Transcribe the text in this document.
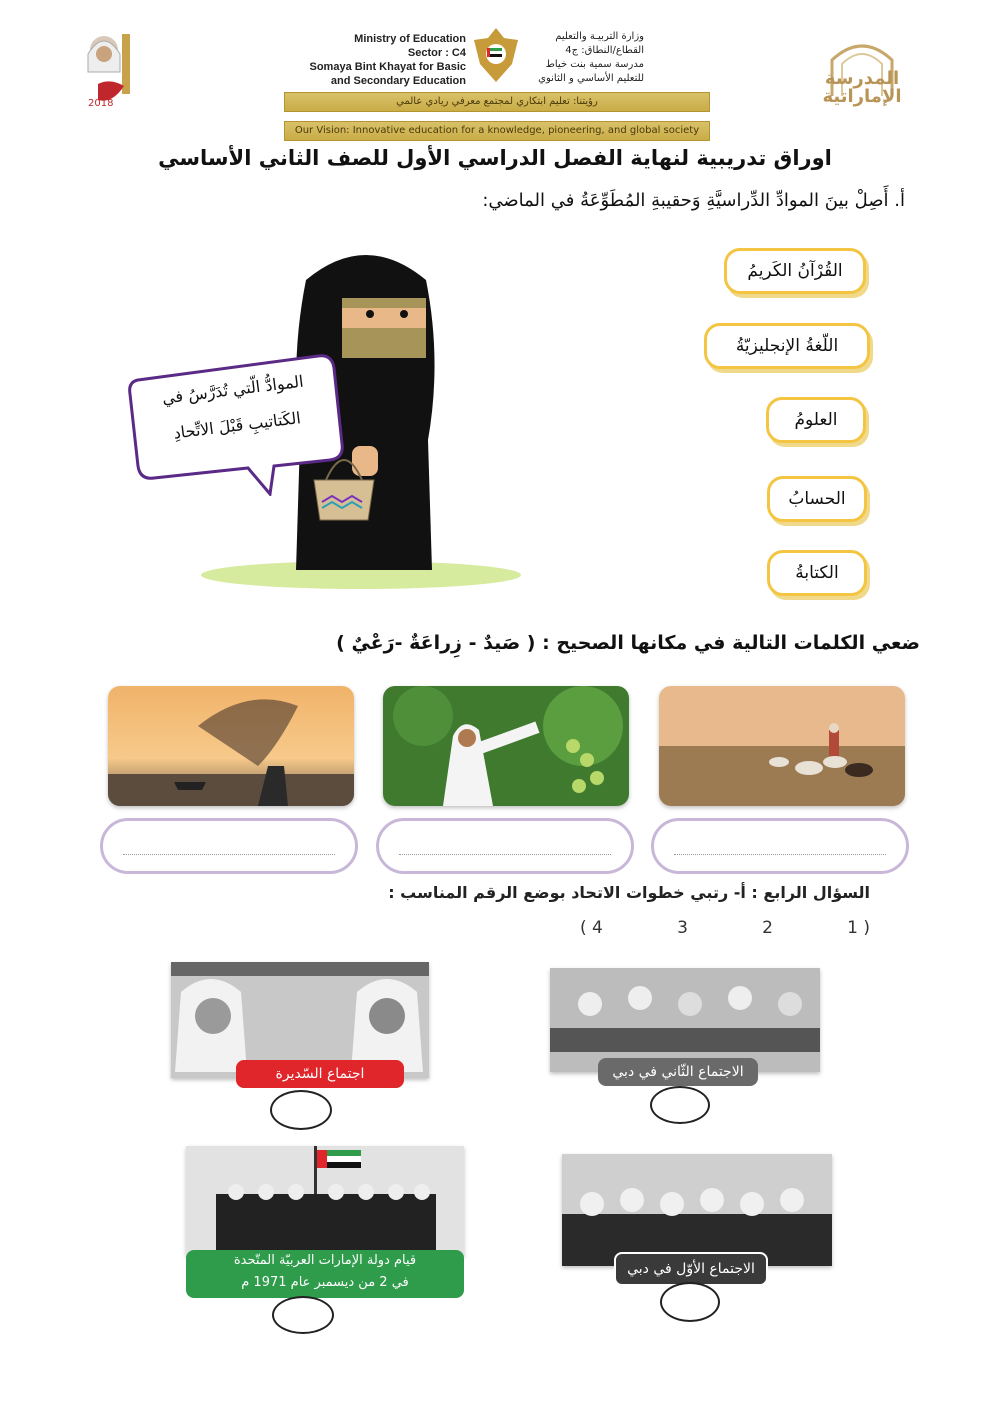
2018
Ministry of Education
Sector : C4
Somaya Bint Khayat for Basic
and Secondary Education
وزارة التربيـة والتعليم
القطاع/النطاق: ج4
مدرسة سمية بنت خياط
للتعليم الأساسي و الثانوي
رؤيتنا: تعليم ابتكاري لمجتمع معرفي ريادي عالمي
Our Vision: Innovative education for a knowledge, pioneering, and global society
المدرسة
الإماراتية
اوراق تدريبية لنهاية الفصل الدراسي الأول للصف الثاني الأساسي
أ. أَصِلْ بينَ الموادِّ الدِّراسيَّةِ وَحقيبةِ المُطَوِّعَةُ في الماضي:
الموادُّ الّتي تُدَرَّسُ في
الكَتاتيبِ قَبْلَ الاتِّحادِ
القُرْآنُ الكَريمُ
اللّغةُ الإنجليزيّةُ
العلومُ
الحسابُ
الكتابةُ
ضعي الكلمات التالية في مكانها الصحيح : ( صَيدٌ - زِراعَةٌ -رَعْيٌ )
السؤال الرابع : أ- رتبي خطوات الاتحاد بوضع الرقم المناسب :
( 4	3	2	1 )
اجتماع السّديرة	الاجتماع الثّاني في دبي
قيام دولة الإمارات العربيّة المتّحدة
في 2 من ديسمبر عام 1971 م
الاجتماع الأوّل في دبي
